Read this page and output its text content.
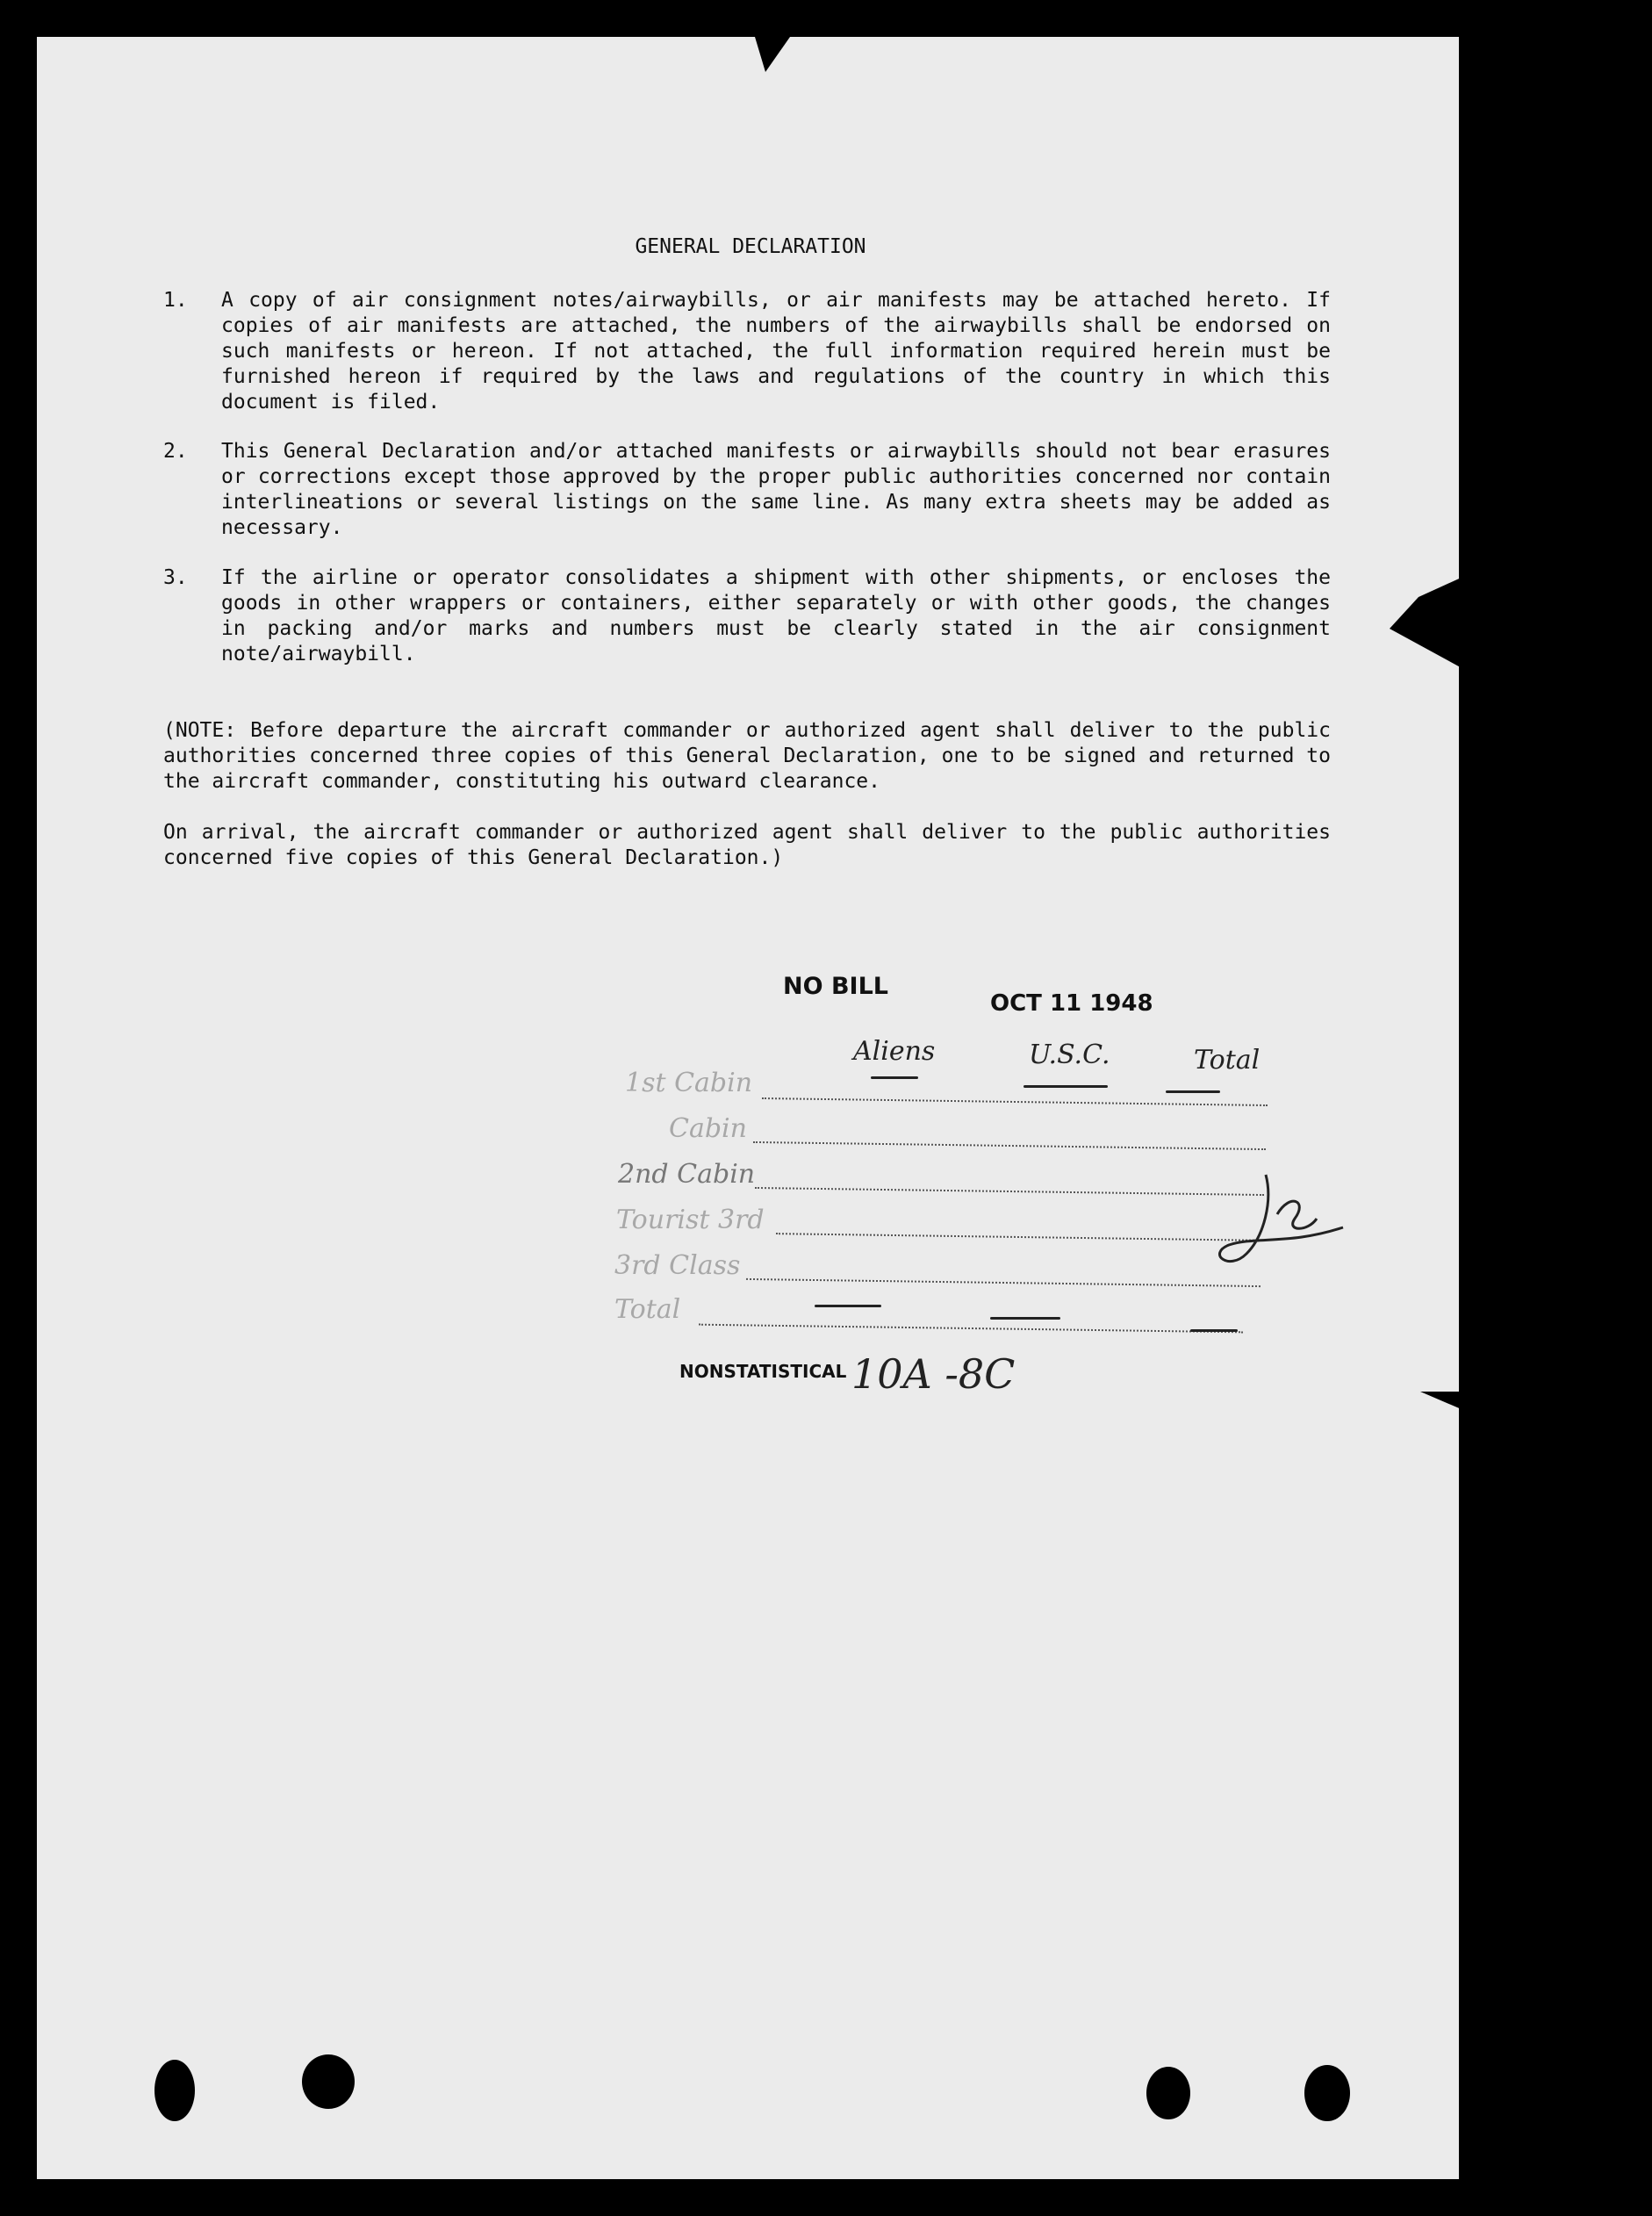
GENERAL DECLARATION
1. A copy of air consignment notes/airwaybills, or air manifests may be attached hereto. If copies of air manifests are attached, the numbers of the airwaybills shall be endorsed on such manifests or hereon. If not attached, the full information required herein must be furnished hereon if required by the laws and regulations of the country in which this document is filed.
2. This General Declaration and/or attached manifests or airwaybills should not bear erasures or corrections except those approved by the proper public authorities concerned nor contain interlineations or several listings on the same line. As many extra sheets may be added as necessary.
3. If the airline or operator consolidates a shipment with other shipments, or encloses the goods in other wrappers or containers, either separately or with other goods, the changes in packing and/or marks and numbers must be clearly stated in the air consignment note/airwaybill.
(NOTE: Before departure the aircraft commander or authorized agent shall deliver to the public authorities concerned three copies of this General Declaration, one to be signed and returned to the aircraft commander, constituting his outward clearance.
On arrival, the aircraft commander or authorized agent shall deliver to the public authorities concerned five copies of this General Declaration.)
NO BILL
OCT 11 1948
Aliens	U.S.C.	Total
1st Cabin
Cabin
2nd Cabin
Tourist 3rd
3rd Class
Total
NONSTATISTICAL 10A -8C
